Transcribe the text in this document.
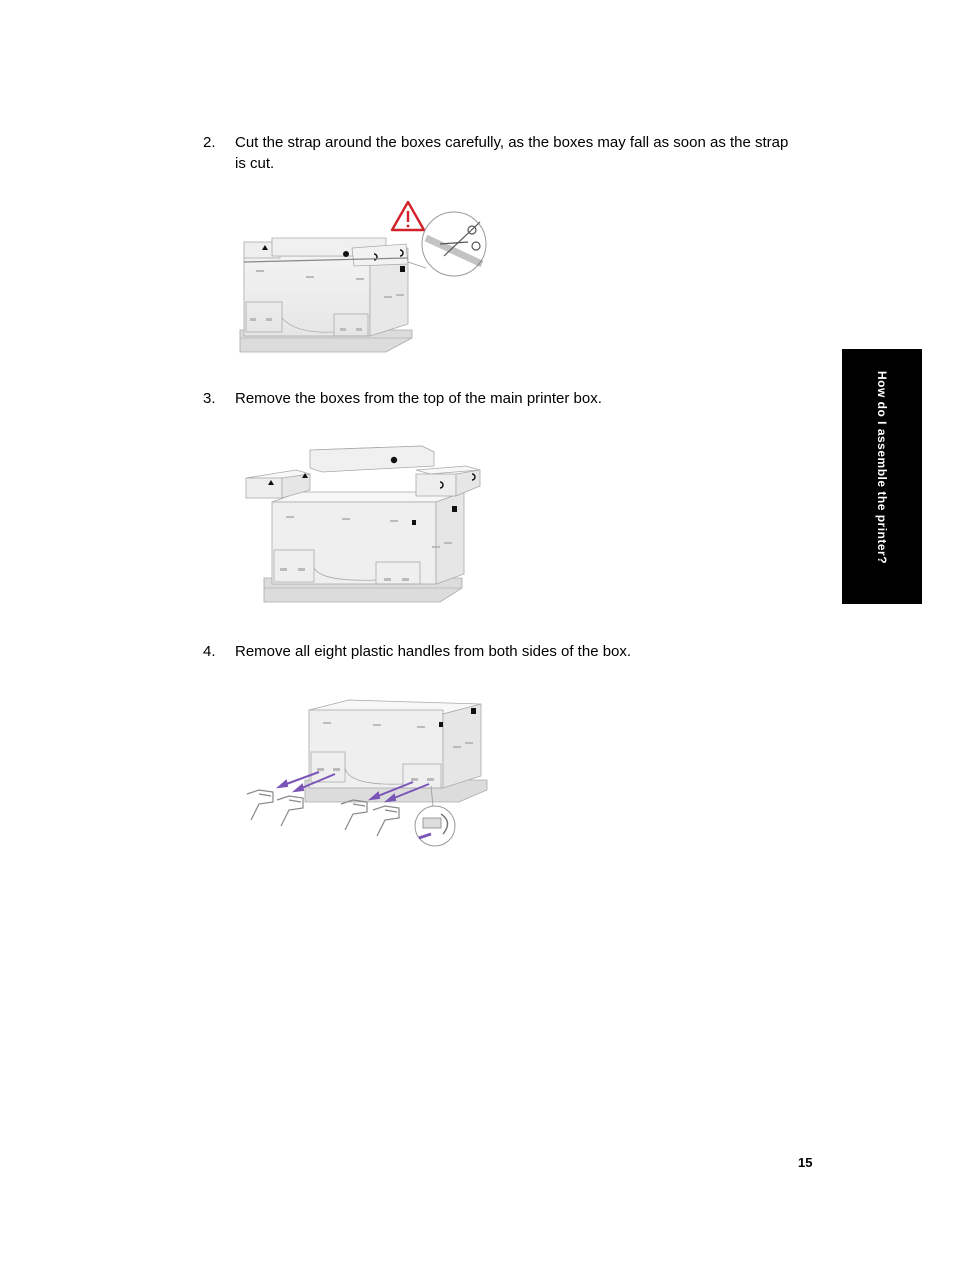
2. Cut the strap around the boxes carefully, as the boxes may fall as soon as the strap is cut.
3. Remove the boxes from the top of the main printer box.
4. Remove all eight plastic handles from both sides of the box.
How do I assemble the printer?
15
